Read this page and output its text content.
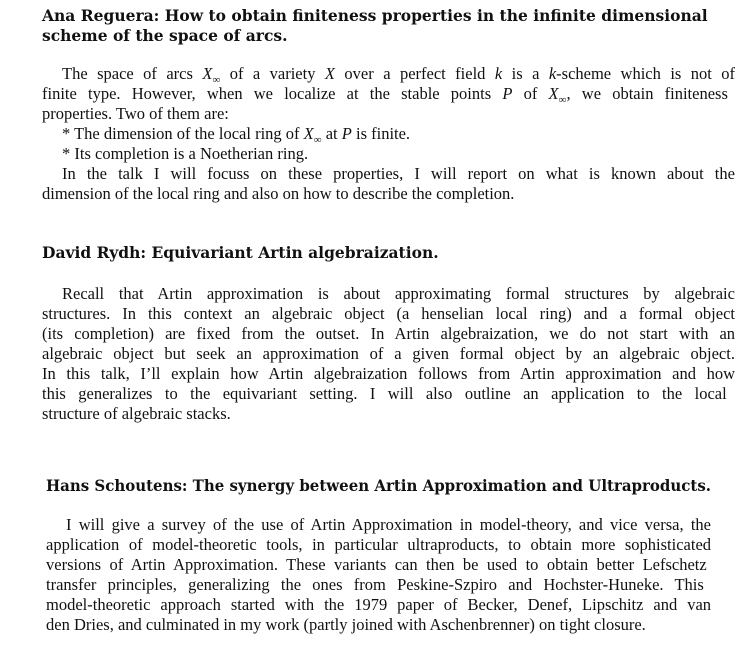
Ana Reguera: How to obtain finiteness properties in the infinite dimensional
scheme of the space of arcs.
The space of arcs $X_\infty$ of a variety X over a perfect field k is a k-scheme which is not of
finite type. However, when we localize at the stable points P of $X_\infty$, we obtain finiteness
properties. Two of them are:
* The dimension of the local ring of $X_\infty$ at P is finite.
* Its completion is a Noetherian ring.
In the talk I will focuss on these properties, I will report on what is known about the
dimension of the local ring and also on how to describe the completion.
David Rydh: Equivariant Artin algebraization.
Recall that Artin approximation is about approximating formal structures by algebraic
structures. In this context an algebraic object (a henselian local ring) and a formal object
(its completion) are fixed from the outset. In Artin algebraization, we do not start with an
algebraic object but seek an approximation of a given formal object by an algebraic object.
In this talk, I’ll explain how Artin algebraization follows from Artin approximation and how
this generalizes to the equivariant setting. I will also outline an application to the local
structure of algebraic stacks.
Hans Schoutens: The synergy between Artin Approximation and Ultraproducts.
I will give a survey of the use of Artin Approximation in model-theory, and vice versa, the
application of model-theoretic tools, in particular ultraproducts, to obtain more sophisticated
versions of Artin Approximation. These variants can then be used to obtain better Lefschetz
transfer principles, generalizing the ones from Peskine-Szpiro and Hochster-Huneke. This
model-theoretic approach started with the 1979 paper of Becker, Denef, Lipschitz and van
den Dries, and culminated in my work (partly joined with Aschenbrenner) on tight closure.
